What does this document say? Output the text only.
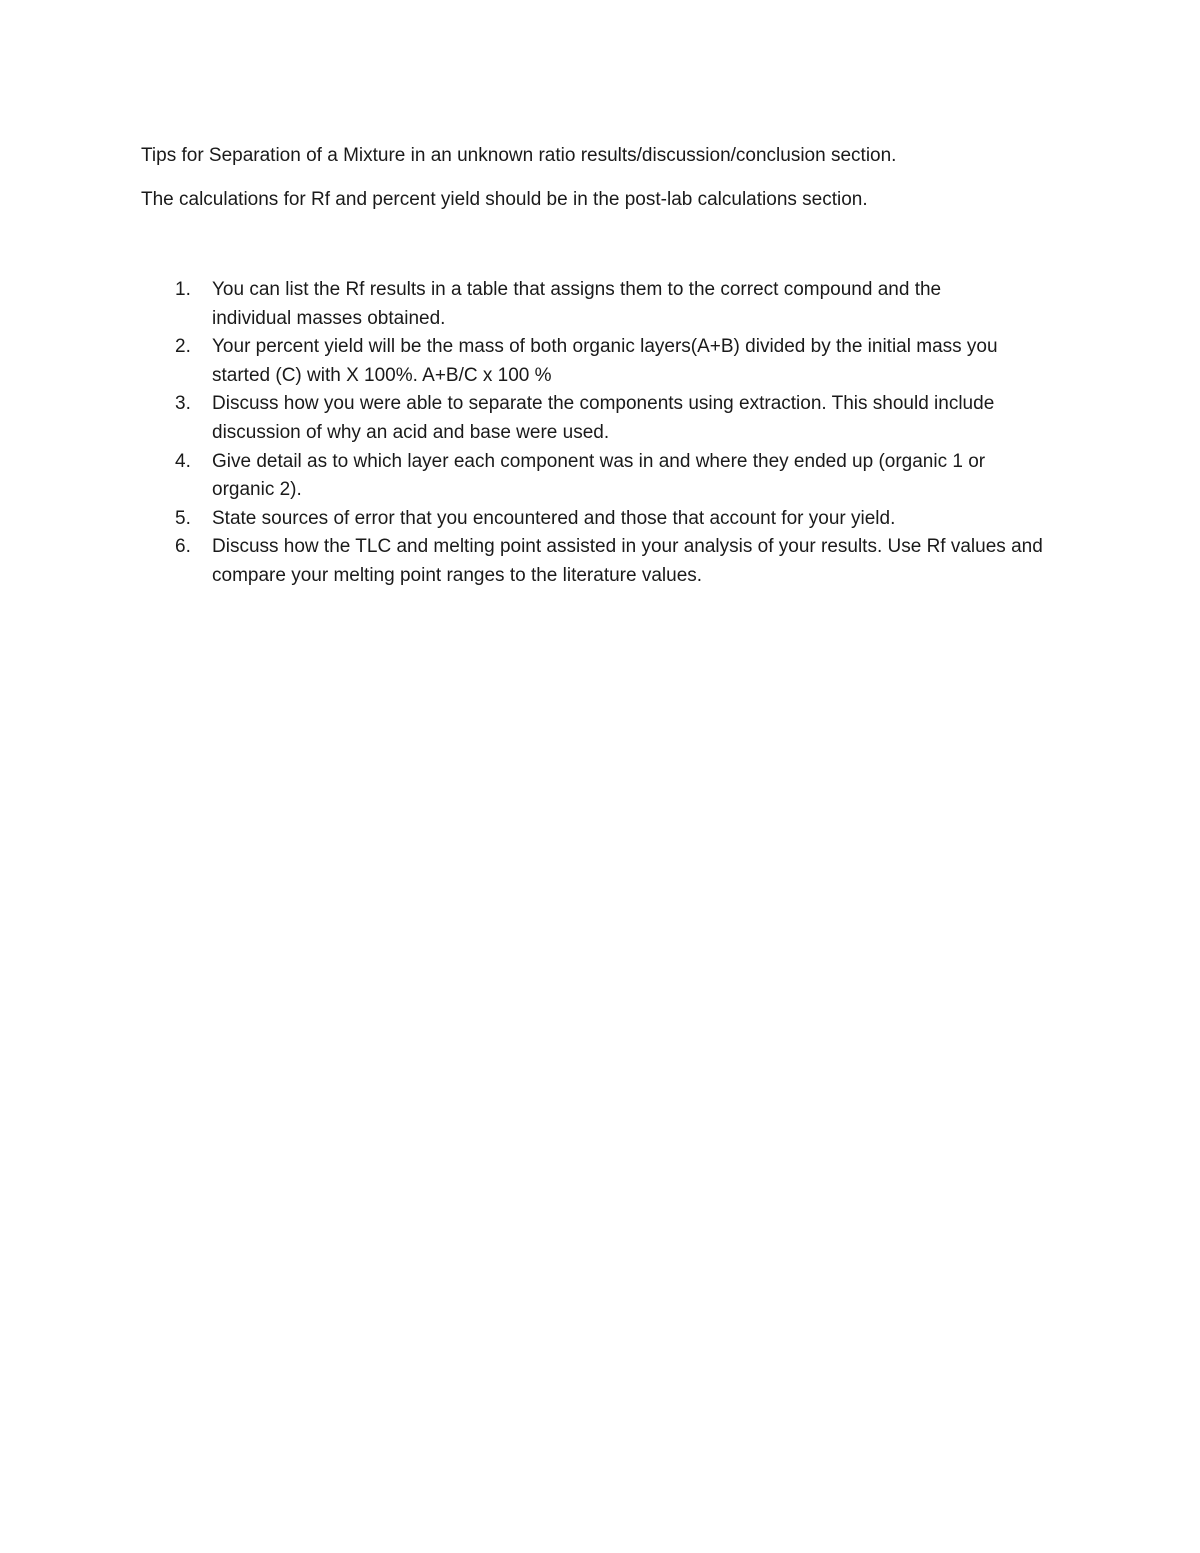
Tips for Separation of a Mixture in an unknown ratio results/discussion/conclusion section.
The calculations for Rf and percent yield should be in the post-lab calculations section.
1.	You can list the Rf results in a table that assigns them to the correct compound and the
individual masses obtained.
2.	Your percent yield will be the mass of both organic layers(A+B) divided by the initial mass you
started (C) with X 100%. A+B/C x 100 %
3.	Discuss how you were able to separate the components using extraction. This should include
discussion of why an acid and base were used.
4.	Give detail as to which layer each component was in and where they ended up (organic 1 or
organic 2).
5.	State sources of error that you encountered and those that account for your yield.
6.	Discuss how the TLC and melting point assisted in your analysis of your results. Use Rf values and
compare your melting point ranges to the literature values.
